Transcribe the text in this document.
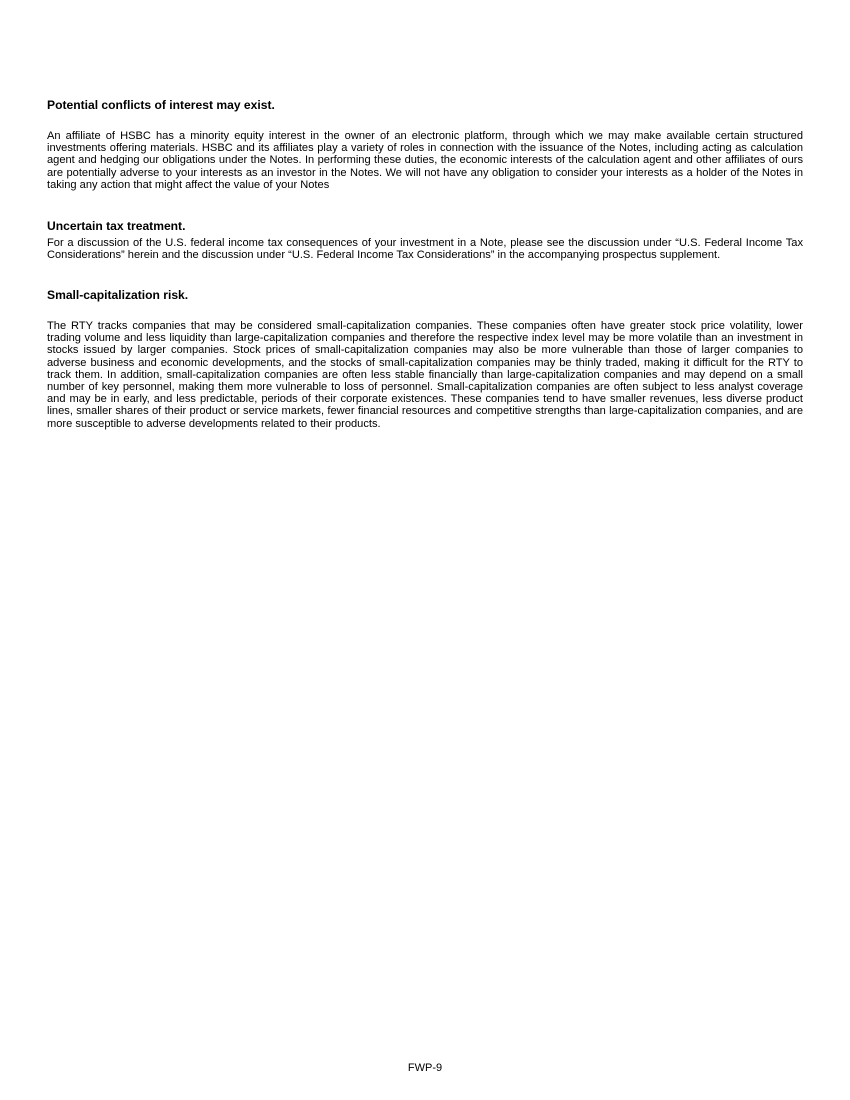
Potential conflicts of interest may exist.

An affiliate of HSBC has a minority equity interest in the owner of an electronic platform, through which we may make available certain structured investments offering materials. HSBC and its affiliates play a variety of roles in connection with the issuance of the Notes, including acting as calculation agent and hedging our obligations under the Notes. In performing these duties, the economic interests of the calculation agent and other affiliates of ours are potentially adverse to your interests as an investor in the Notes. We will not have any obligation to consider your interests as a holder of the Notes in taking any action that might affect the value of your Notes

Uncertain tax treatment.

For a discussion of the U.S. federal income tax consequences of your investment in a Note, please see the discussion under “U.S. Federal Income Tax Considerations” herein and the discussion under “U.S. Federal Income Tax Considerations” in the accompanying prospectus supplement.

Small-capitalization risk.

The RTY tracks companies that may be considered small-capitalization companies. These companies often have greater stock price volatility, lower trading volume and less liquidity than large-capitalization companies and therefore the respective index level may be more volatile than an investment in stocks issued by larger companies. Stock prices of small-capitalization companies may also be more vulnerable than those of larger companies to adverse business and economic developments, and the stocks of small-capitalization companies may be thinly traded, making it difficult for the RTY to track them. In addition, small-capitalization companies are often less stable financially than large-capitalization companies and may depend on a small number of key personnel, making them more vulnerable to loss of personnel. Small-capitalization companies are often subject to less analyst coverage and may be in early, and less predictable, periods of their corporate existences. These companies tend to have smaller revenues, less diverse product lines, smaller shares of their product or service markets, fewer financial resources and competitive strengths than large-capitalization companies, and are more susceptible to adverse developments related to their products.

FWP-9
